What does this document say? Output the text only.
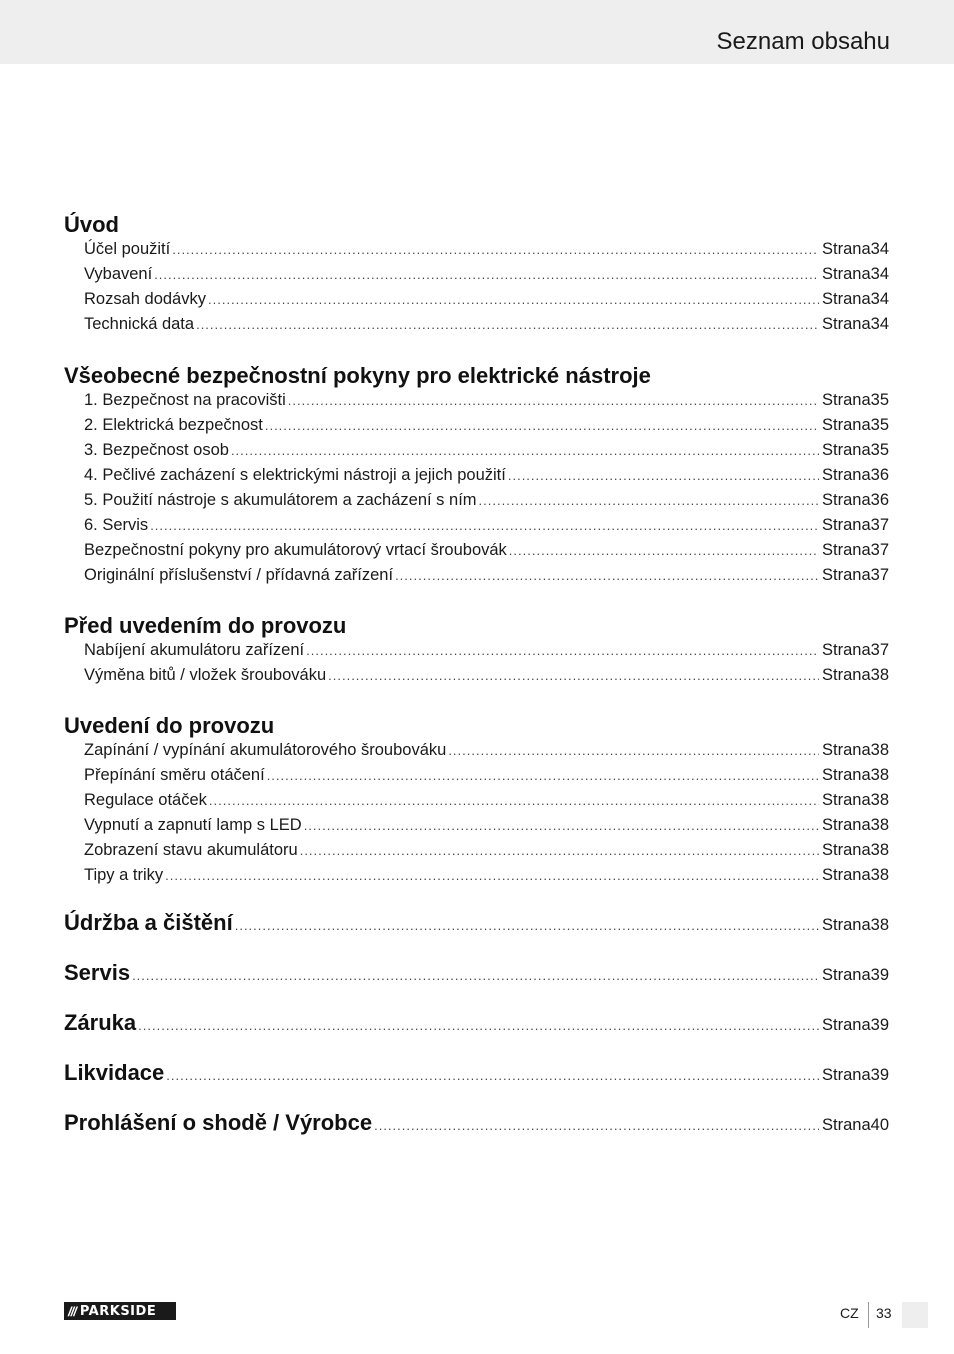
Seznam obsahu
Úvod
Účel použití .....	Strana 34
Vybavení .....	Strana 34
Rozsah dodávky .....	Strana 34
Technická data .....	Strana 34
Všeobecné bezpečnostní pokyny pro elektrické nástroje
1. Bezpečnost na pracovišti .....	Strana 35
2. Elektrická bezpečnost .....	Strana 35
3. Bezpečnost osob .....	Strana 35
4. Pečlivé zacházení s elektrickými nástroji a jejich použití .....	Strana 36
5. Použití nástroje s akumulátorem a zacházení s ním .....	Strana 36
6. Servis .....	Strana 37
Bezpečnostní pokyny pro akumulátorový vrtací šroubovák .....	Strana 37
Originální příslušenství / přídavná zařízení .....	Strana 37
Před uvedením do provozu
Nabíjení akumulátoru zařízení .....	Strana 37
Výměna bitů / vložek šroubováku .....	Strana 38
Uvedení do provozu
Zapínání / vypínání akumulátorového šroubováku .....	Strana 38
Přepínání směru otáčení .....	Strana 38
Regulace otáček .....	Strana 38
Vypnutí a zapnutí lamp s LED .....	Strana 38
Zobrazení stavu akumulátoru .....	Strana 38
Tipy a triky .....	Strana 38
Údržba a čištění .....	Strana 38
Servis .....	Strana 39
Záruka .....	Strana 39
Likvidace .....	Strana 39
Prohlášení o shodě / Výrobce .....	Strana 40
/// PARKSIDE	CZ 33
